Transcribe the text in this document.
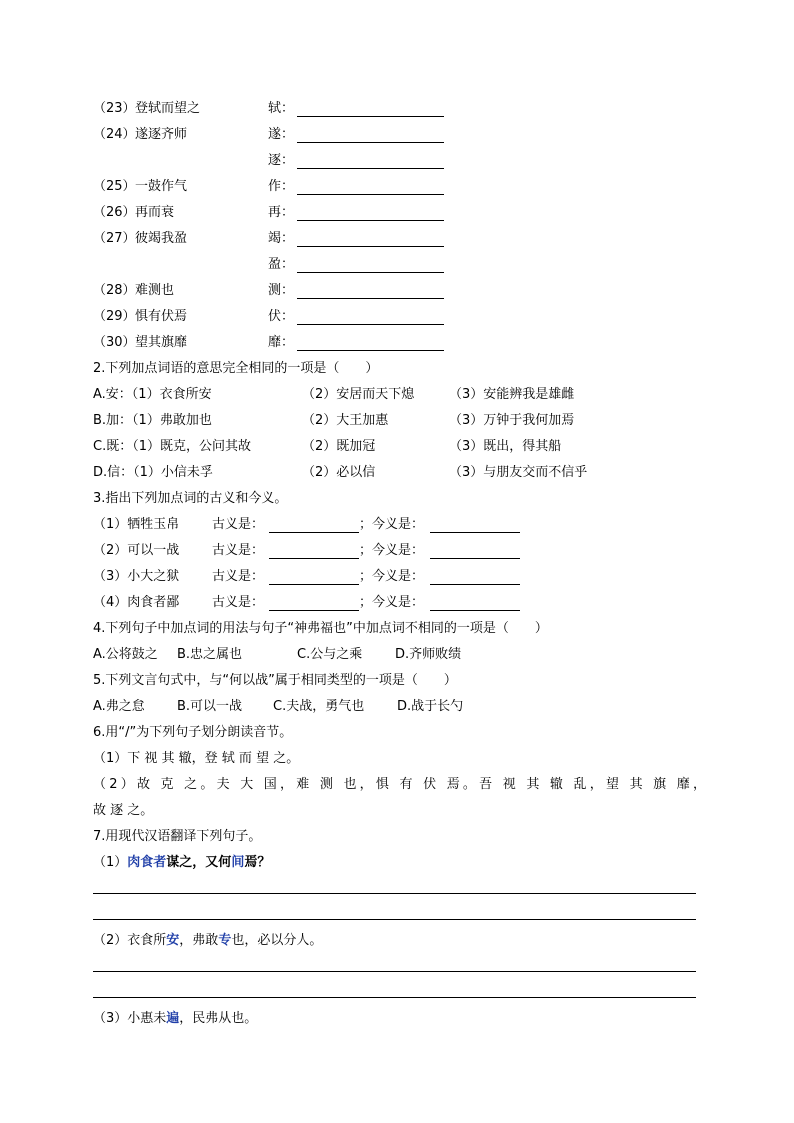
（23） 登轼而望之	轼：
（24） 遂逐齐师	遂：
逐：
（25） 一鼓作气	作：
（26） 再而衰	再：
（27） 彼竭我盈	竭：
盈：
（28） 难测也	测：
（29） 惧有伏焉	伏：
（30） 望其旗靡	靡：
2.下列加点词语的意思完全相同的一项是（　　）
A.安：（1）衣食所安	（2）安居而天下熄	（3）安能辨我是雄雌
B.加：（1）弗敢加也	（2）大王加惠	（3）万钟于我何加焉
C.既：（1）既克，公问其故	（2）既加冠	（3）既出，得其船
D.信：（1）小信未孚	（2）必以信	（3）与朋友交而不信乎
3.指出下列加点词的古义和今义。
（1）牺牲玉帛	古义是：	；今义是：
（2）可以一战	古义是：	；今义是：
（3）小大之狱	古义是：	；今义是：
（4）肉食者鄙	古义是：	；今义是：
4.下列句子中加点词的用法与句子“神弗福也”中加点词不相同的一项是（　　）
A.公将鼓之 B.忠之属也	C.公与之乘	D.齐师败绩
5.下列文言句式中，与“何以战”属于相同类型的一项是（　　）
A.弗之怠 B.可以一战 C.夫战，勇气也	D.战于长勺
6.用“/”为下列句子划分朗读音节。
（1）下 视 其 辙，登 轼 而 望 之。
（2）故 克 之。夫 大 国，难 测 也，惧 有 伏 焉。吾 视 其 辙 乱，望 其 旗 靡，
故 逐 之。
7.用现代汉语翻译下列句子。
（1）肉食者谋之，又何间焉？
（2）衣食所安，弗敢专也，必以分人。
（3）小惠未遍，民弗从也。
